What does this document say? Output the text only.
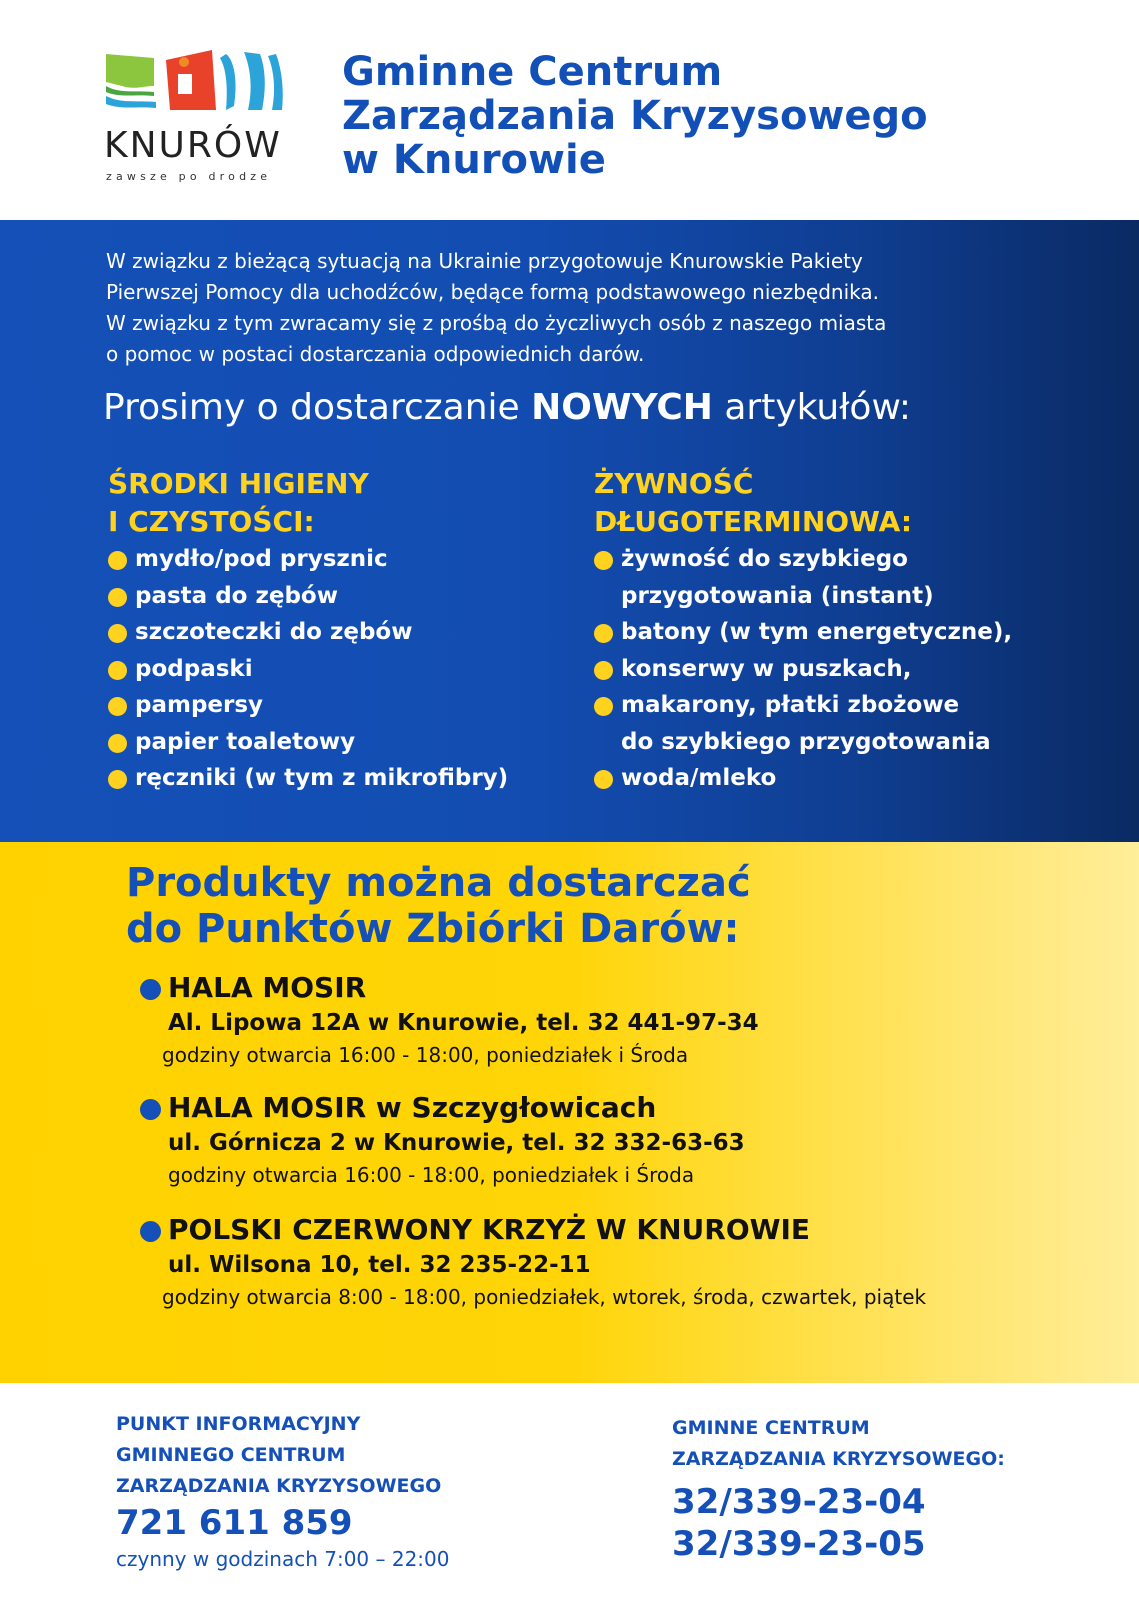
KNURÓW
zawsze po drodze
Gminne Centrum
Zarządzania Kryzysowego
w Knurowie
W związku z bieżącą sytuacją na Ukrainie przygotowuje Knurowskie Pakiety
Pierwszej Pomocy dla uchodźców, będące formą podstawowego niezbędnika.
W związku z tym zwracamy się z prośbą do życzliwych osób z naszego miasta
o pomoc w postaci dostarczania odpowiednich darów.
Prosimy o dostarczanie NOWYCH artykułów:
ŚRODKI HIGIENY
I CZYSTOŚCI:
mydło/pod prysznic
pasta do zębów
szczoteczki do zębów
podpaski
pampersy
papier toaletowy
ręczniki (w tym z mikrofibry)
ŻYWNOŚĆ
DŁUGOTERMINOWA:
żywność do szybkiego
przygotowania (instant)
batony (w tym energetyczne),
konserwy w puszkach,
makarony, płatki zbożowe
do szybkiego przygotowania
woda/mleko
Produkty można dostarczać
do Punktów Zbiórki Darów:
HALA MOSIR
Al. Lipowa 12A w Knurowie, tel. 32 441-97-34
godziny otwarcia 16:00 - 18:00, poniedziałek i Środa
HALA MOSIR w Szczygłowicach
ul. Górnicza 2 w Knurowie, tel. 32 332-63-63
godziny otwarcia 16:00 - 18:00, poniedziałek i Środa
POLSKI CZERWONY KRZYŻ W KNUROWIE
ul. Wilsona 10, tel. 32 235-22-11
godziny otwarcia 8:00 - 18:00, poniedziałek, wtorek, środa, czwartek, piątek
PUNKT INFORMACYJNY
GMINNEGO CENTRUM
ZARZĄDZANIA KRYZYSOWEGO
721 611 859
czynny w godzinach 7:00 – 22:00
GMINNE CENTRUM
ZARZĄDZANIA KRYZYSOWEGO:
32/339-23-04
32/339-23-05
